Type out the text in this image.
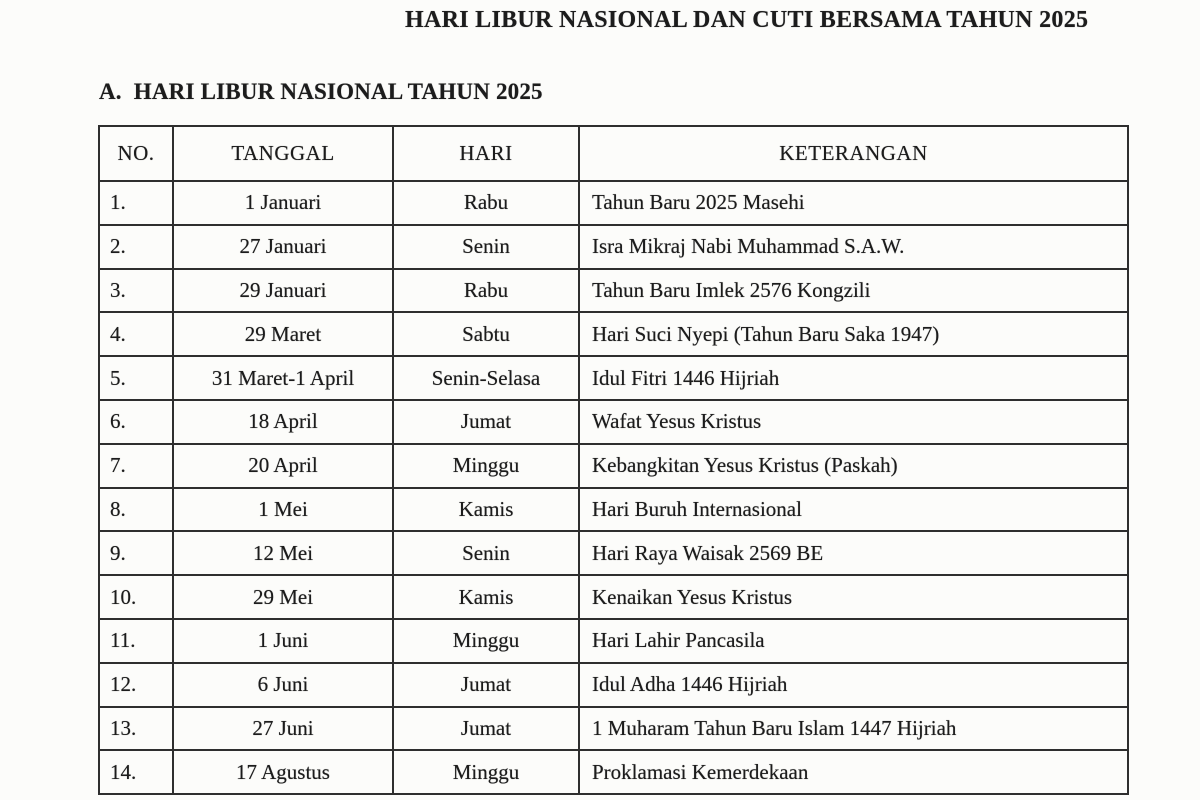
HARI LIBUR NASIONAL DAN CUTI BERSAMA TAHUN 2025
A. HARI LIBUR NASIONAL TAHUN 2025
NO.	TANGGAL	HARI	KETERANGAN
1.	1 Januari	Rabu	Tahun Baru 2025 Masehi
2.	27 Januari	Senin	Isra Mikraj Nabi Muhammad S.A.W.
3.	29 Januari	Rabu	Tahun Baru Imlek 2576 Kongzili
4.	29 Maret	Sabtu	Hari Suci Nyepi (Tahun Baru Saka 1947)
5.	31 Maret-1 April	Senin-Selasa	Idul Fitri 1446 Hijriah
6.	18 April	Jumat	Wafat Yesus Kristus
7.	20 April	Minggu	Kebangkitan Yesus Kristus (Paskah)
8.	1 Mei	Kamis	Hari Buruh Internasional
9.	12 Mei	Senin	Hari Raya Waisak 2569 BE
10.	29 Mei	Kamis	Kenaikan Yesus Kristus
11.	1 Juni	Minggu	Hari Lahir Pancasila
12.	6 Juni	Jumat	Idul Adha 1446 Hijriah
13.	27 Juni	Jumat	1 Muharam Tahun Baru Islam 1447 Hijriah
14.	17 Agustus	Minggu	Proklamasi Kemerdekaan
